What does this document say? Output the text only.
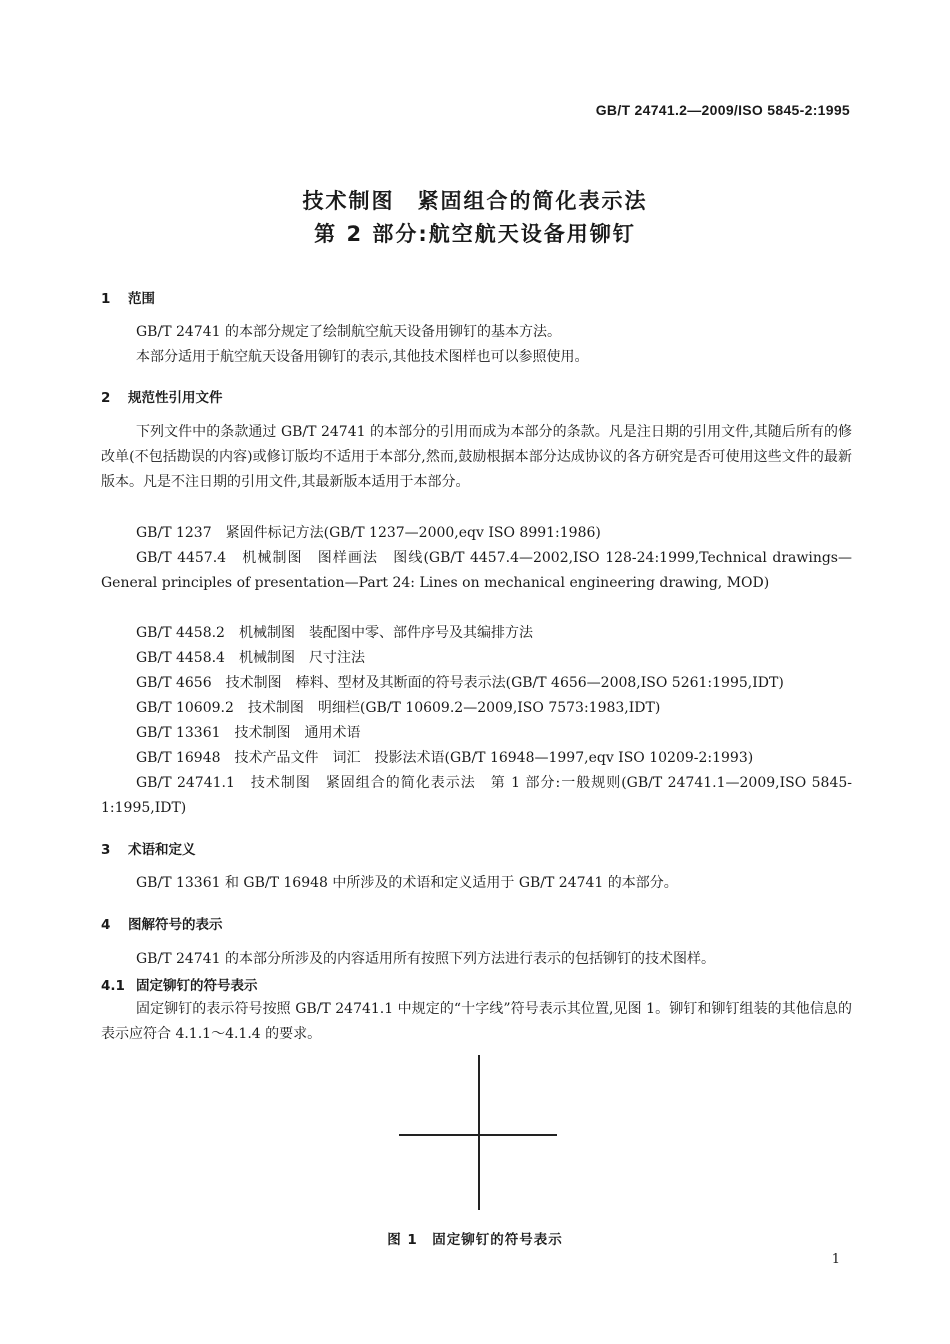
GB/T 24741.2—2009/ISO 5845-2:1995
技术制图　紧固组合的简化表示法
第 2 部分:航空航天设备用铆钉
1 范围
GB/T 24741 的本部分规定了绘制航空航天设备用铆钉的基本方法。
本部分适用于航空航天设备用铆钉的表示,其他技术图样也可以参照使用。
2 规范性引用文件

下列文件中的条款通过 GB/T 24741 的本部分的引用而成为本部分的条款。凡是注日期的引用文件,其随后所有的修改单(不包括勘误的内容)或修订版均不适用于本部分,然而,鼓励根据本部分达成协议的各方研究是否可使用这些文件的最新版本。凡是不注日期的引用文件,其最新版本适用于本部分。

GB/T 1237　紧固件标记方法(GB/T 1237—2000,eqv ISO 8991:1986)

GB/T 4457.4　机械制图　图样画法　图线(GB/T 4457.4—2002,ISO 128-24:1999,Technical drawings—General principles of presentation—Part 24: Lines on mechanical engineering drawing, MOD)

GB/T 4458.2　机械制图　装配图中零、部件序号及其编排方法
GB/T 4458.4　机械制图　尺寸注法
GB/T 4656　技术制图　棒料、型材及其断面的符号表示法(GB/T 4656—2008,ISO 5261:1995,IDT)
GB/T 10609.2　技术制图　明细栏(GB/T 10609.2—2009,ISO 7573:1983,IDT)
GB/T 13361　技术制图　通用术语
GB/T 16948　技术产品文件　词汇　投影法术语(GB/T 16948—1997,eqv ISO 10209-2:1993)

GB/T 24741.1　技术制图　紧固组合的简化表示法　第 1 部分:一般规则(GB/T 24741.1—2009,ISO 5845-1:1995,IDT)

3 术语和定义
GB/T 13361 和 GB/T 16948 中所涉及的术语和定义适用于 GB/T 24741 的本部分。
4 图解符号的表示
GB/T 24741 的本部分所涉及的内容适用所有按照下列方法进行表示的包括铆钉的技术图样。
4.1 固定铆钉的符号表示

固定铆钉的表示符号按照 GB/T 24741.1 中规定的“十字线”符号表示其位置,见图 1。铆钉和铆钉组装的其他信息的表示应符合 4.1.1～4.1.4 的要求。

图 1　固定铆钉的符号表示
1
